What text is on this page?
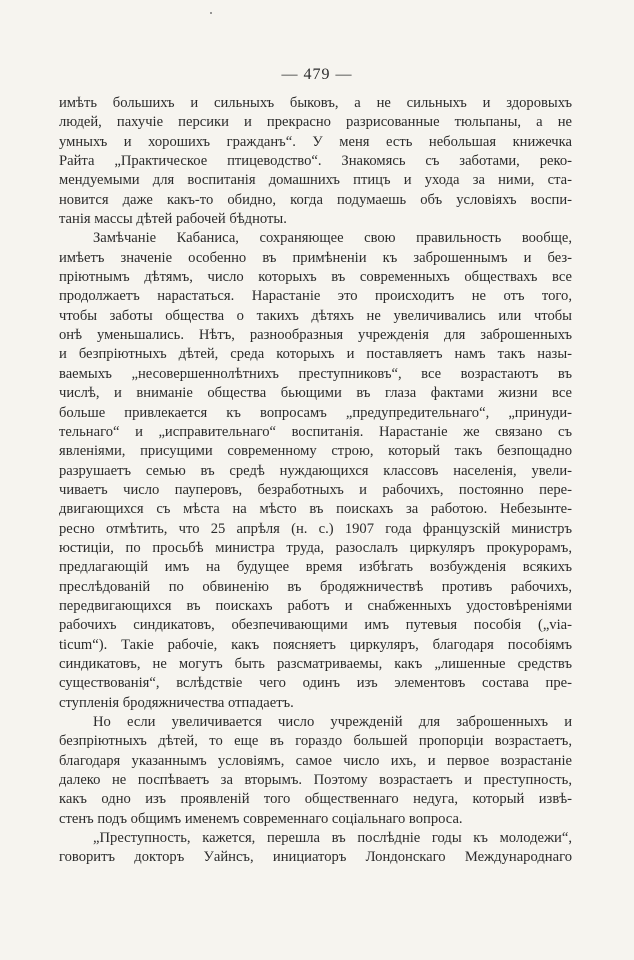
— 479 —
имѣть большихъ и сильныхъ быковъ, а не сильныхъ и здоровыхъ
людей, пахучіе персики и прекрасно разрисованные тюльпаны, а не
умныхъ и хорошихъ гражданъ“. У меня есть небольшая книжечка
Райта „Практическое птицеводство“. Знакомясь съ заботами, реко-
мендуемыми для воспитанія домашнихъ птицъ и ухода за ними, ста-
новится даже какъ-то обидно, когда подумаешь объ условіяхъ воспи-
танія массы дѣтей рабочей бѣдноты.
Замѣчаніе Кабаниса, сохраняющее свою правильность вообще,
имѣетъ значеніе особенно въ примѣненіи къ заброшеннымъ и без-
пріютнымъ дѣтямъ, число которыхъ въ современныхъ обществахъ все
продолжаетъ нарастаться. Нарастаніе это происходитъ не отъ того,
чтобы заботы общества о такихъ дѣтяхъ не увеличивались или чтобы
онѣ уменьшались. Нѣтъ, разнообразныя учрежденія для заброшенныхъ
и безпріютныхъ дѣтей, среда которыхъ и поставляетъ намъ такъ назы-
ваемыхъ „несовершеннолѣтнихъ преступниковъ“, все возрастаютъ въ
числѣ, и вниманіе общества бьющими въ глаза фактами жизни все
больше привлекается къ вопросамъ „предупредительнаго“, „принуди-
тельнаго“ и „исправительнаго“ воспитанія. Нарастаніе же связано съ
явленіями, присущими современному строю, который такъ безпощадно
разрушаетъ семью въ средѣ нуждающихся классовъ населенія, увели-
чиваетъ число пауперовъ, безработныхъ и рабочихъ, постоянно пере-
двигающихся съ мѣста на мѣсто въ поискахъ за работою. Небезынте-
ресно отмѣтить, что 25 апрѣля (н. с.) 1907 года французскій министръ
юстиціи, по просьбѣ министра труда, разослалъ циркуляръ прокурорамъ,
предлагающій имъ на будущее время избѣгать возбужденія всякихъ
преслѣдованій по обвиненію въ бродяжничествѣ противъ рабочихъ,
передвигающихся въ поискахъ работъ и снабженныхъ удостовѣреніями
рабочихъ синдикатовъ, обезпечивающими имъ путевыя пособія („via-
ticum“). Такіе рабочіе, какъ поясняетъ циркуляръ, благодаря пособіямъ
синдикатовъ, не могутъ быть разсматриваемы, какъ „лишенные средствъ
существованія“, вслѣдствіе чего одинъ изъ элементовъ состава пре-
ступленія бродяжничества отпадаетъ.
Но если увеличивается число учрежденій для заброшенныхъ и
безпріютныхъ дѣтей, то еще въ гораздо большей пропорціи возрастаетъ,
благодаря указаннымъ условіямъ, самое число ихъ, и первое возрастаніе
далеко не поспѣваетъ за вторымъ. Поэтому возрастаетъ и преступность,
какъ одно изъ проявленій того общественнаго недуга, который извѣ-
стенъ подъ общимъ именемъ современнаго соціальнаго вопроса.
„Преступность, кажется, перешла въ послѣдніе годы къ молодежи“,
говоритъ докторъ Уайнсъ, инициаторъ Лондонскаго Международнаго
